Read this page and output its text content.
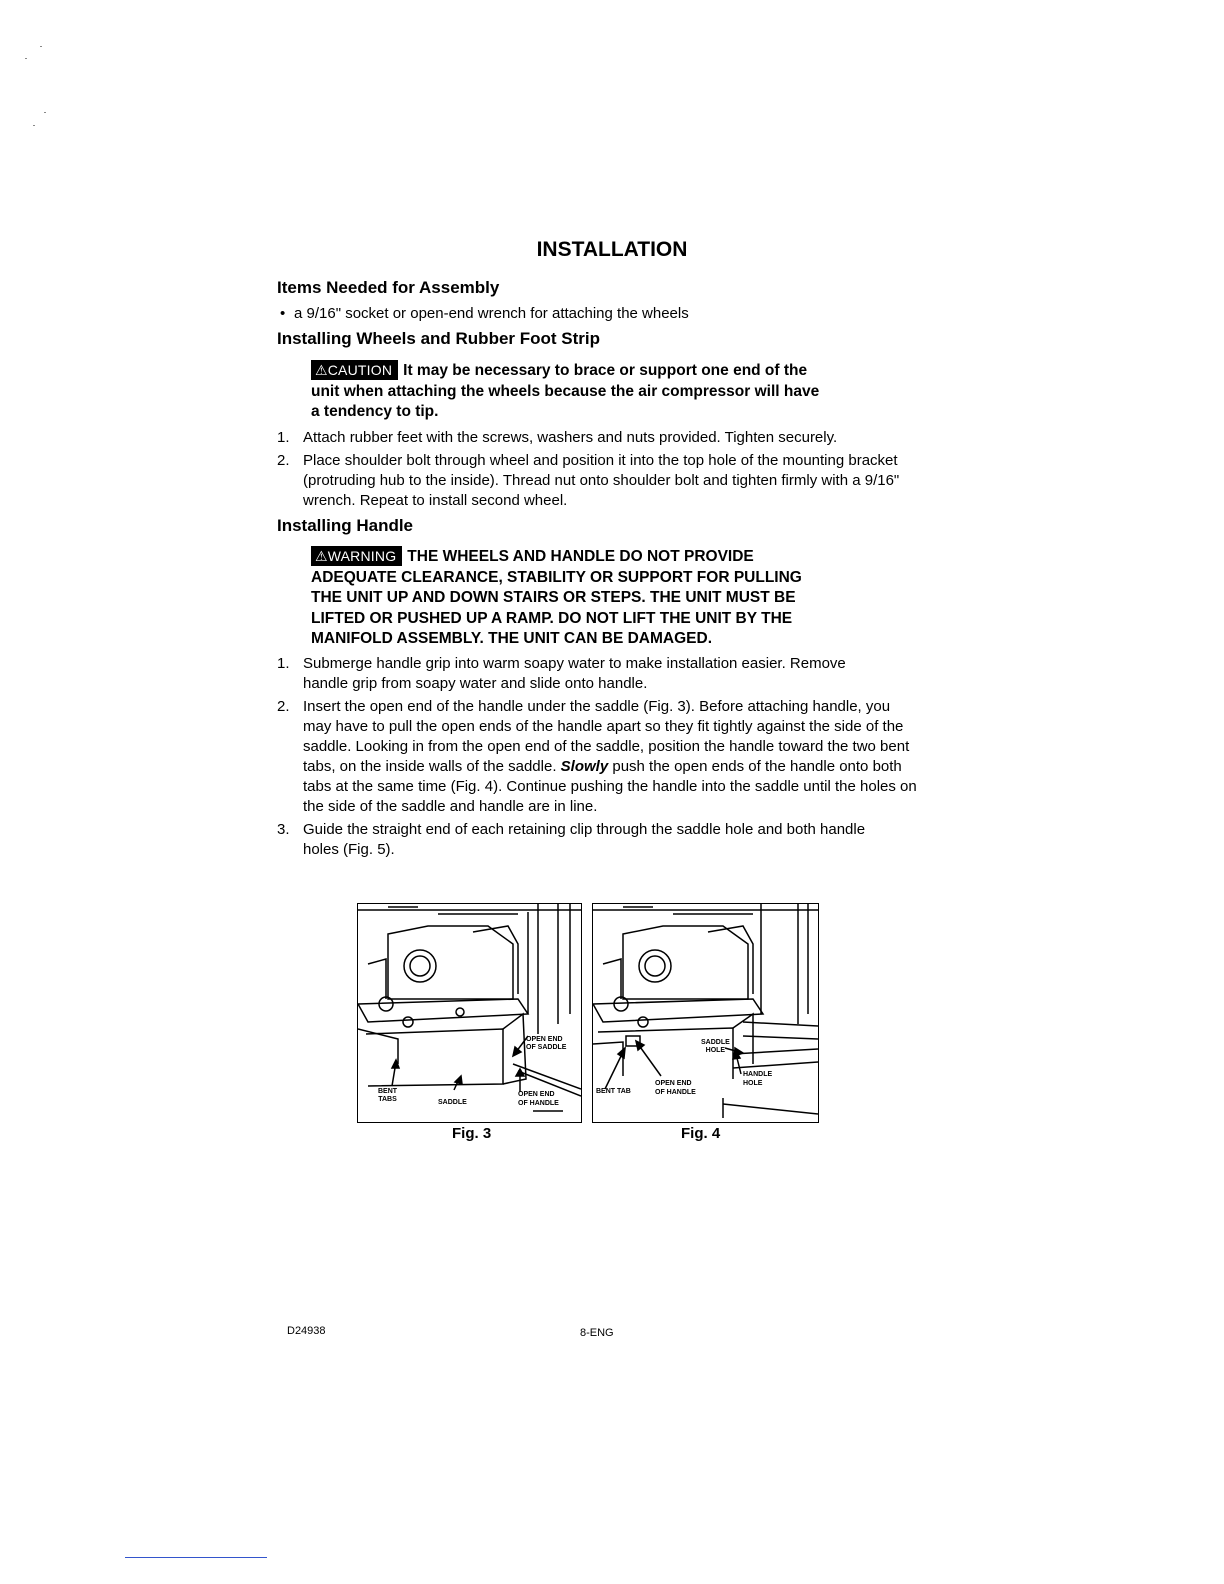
INSTALLATION
Items Needed for Assembly
• a 9/16" socket or open-end wrench for attaching the wheels
Installing Wheels and Rubber Foot Strip
⚠CAUTION It may be necessary to brace or support one end of the
unit when attaching the wheels because the air compressor will have
a tendency to tip.
1. Attach rubber feet with the screws, washers and nuts provided. Tighten securely.
2. Place shoulder bolt through wheel and position it into the top hole of the mounting bracket (protruding hub to the inside). Thread nut onto shoulder bolt and tighten firmly with a 9/16" wrench. Repeat to install second wheel.
Installing Handle
⚠WARNING THE WHEELS AND HANDLE DO NOT PROVIDE
ADEQUATE CLEARANCE, STABILITY OR SUPPORT FOR PULLING
THE UNIT UP AND DOWN STAIRS OR STEPS. THE UNIT MUST BE
LIFTED OR PUSHED UP A RAMP. DO NOT LIFT THE UNIT BY THE
MANIFOLD ASSEMBLY. THE UNIT CAN BE DAMAGED.
1. Submerge handle grip into warm soapy water to make installation easier. Remove handle grip from soapy water and slide onto handle.
2. Insert the open end of the handle under the saddle (Fig. 3). Before attaching handle, you may have to pull the open ends of the handle apart so they fit tightly against the side of the saddle. Looking in from the open end of the saddle, position the handle toward the two bent tabs, on the inside walls of the saddle. Slowly push the open ends of the handle onto both tabs at the same time (Fig. 4). Continue pushing the handle into the saddle until the holes on the side of the saddle and handle are in line.
3. Guide the straight end of each retaining clip through the saddle hole and both handle holes (Fig. 5).
OPEN END
OF SADDLE
BENT
TABS	SADDLE
OPEN END
OF HANDLE
Fig. 3
SADDLE
HOLE
HANDLE
HOLE
OPEN END
OF HANDLE
BENT TAB
Fig. 4
D24938	8-ENG
